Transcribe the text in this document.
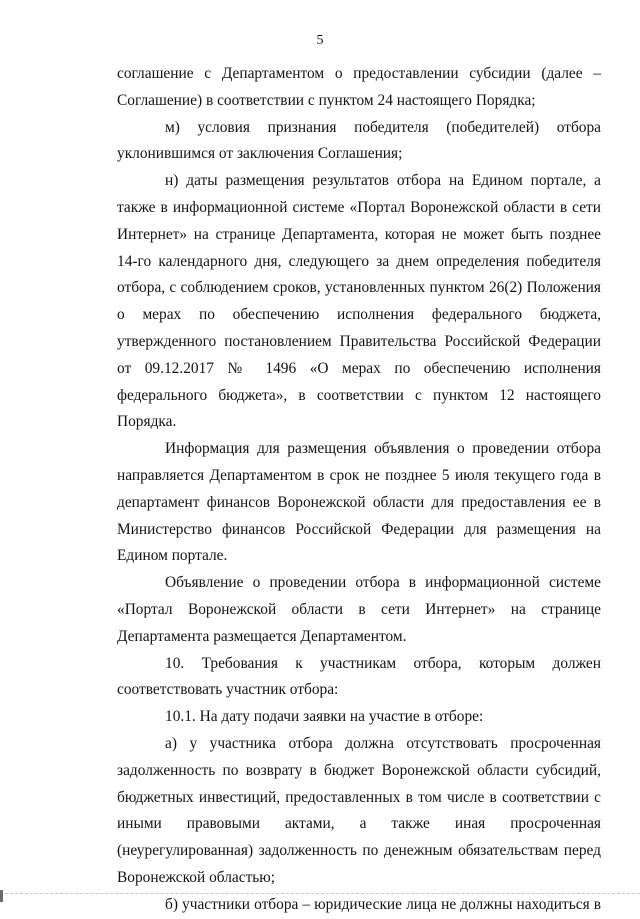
5

соглашение с Департаментом о предоставлении субсидии (далее – Соглашение) в соответствии с пунктом 24 настоящего Порядка;

м) условия признания победителя (победителей) отбора уклонившимся от заключения Соглашения;

н) даты размещения результатов отбора на Едином портале, а также в информационной системе «Портал Воронежской области в сети Интернет» на странице Департамента, которая не может быть позднее 14-го календарного дня, следующего за днем определения победителя отбора, с соблюдением сроков, установленных пунктом 26(2) Положения о мерах по обеспечению исполнения федерального бюджета, утвержденного постановлением Правительства Российской Федерации от 09.12.2017 № 1496 «О мерах по обеспечению исполнения федерального бюджета», в соответствии с пунктом 12 настоящего Порядка.

Информация для размещения объявления о проведении отбора направляется Департаментом в срок не позднее 5 июля текущего года в департамент финансов Воронежской области для предоставления ее в Министерство финансов Российской Федерации для размещения на Едином портале.

Объявление о проведении отбора в информационной системе «Портал Воронежской области в сети Интернет» на странице Департамента размещается Департаментом.

10. Требования к участникам отбора, которым должен соответствовать участник отбора:

10.1. На дату подачи заявки на участие в отборе:

а) у участника отбора должна отсутствовать просроченная задолженность по возврату в бюджет Воронежской области субсидий, бюджетных инвестиций, предоставленных в том числе в соответствии с иными правовыми актами, а также иная просроченная (неурегулированная) задолженность по денежным обязательствам перед Воронежской областью;

б) участники отбора – юридические лица не должны находиться в
